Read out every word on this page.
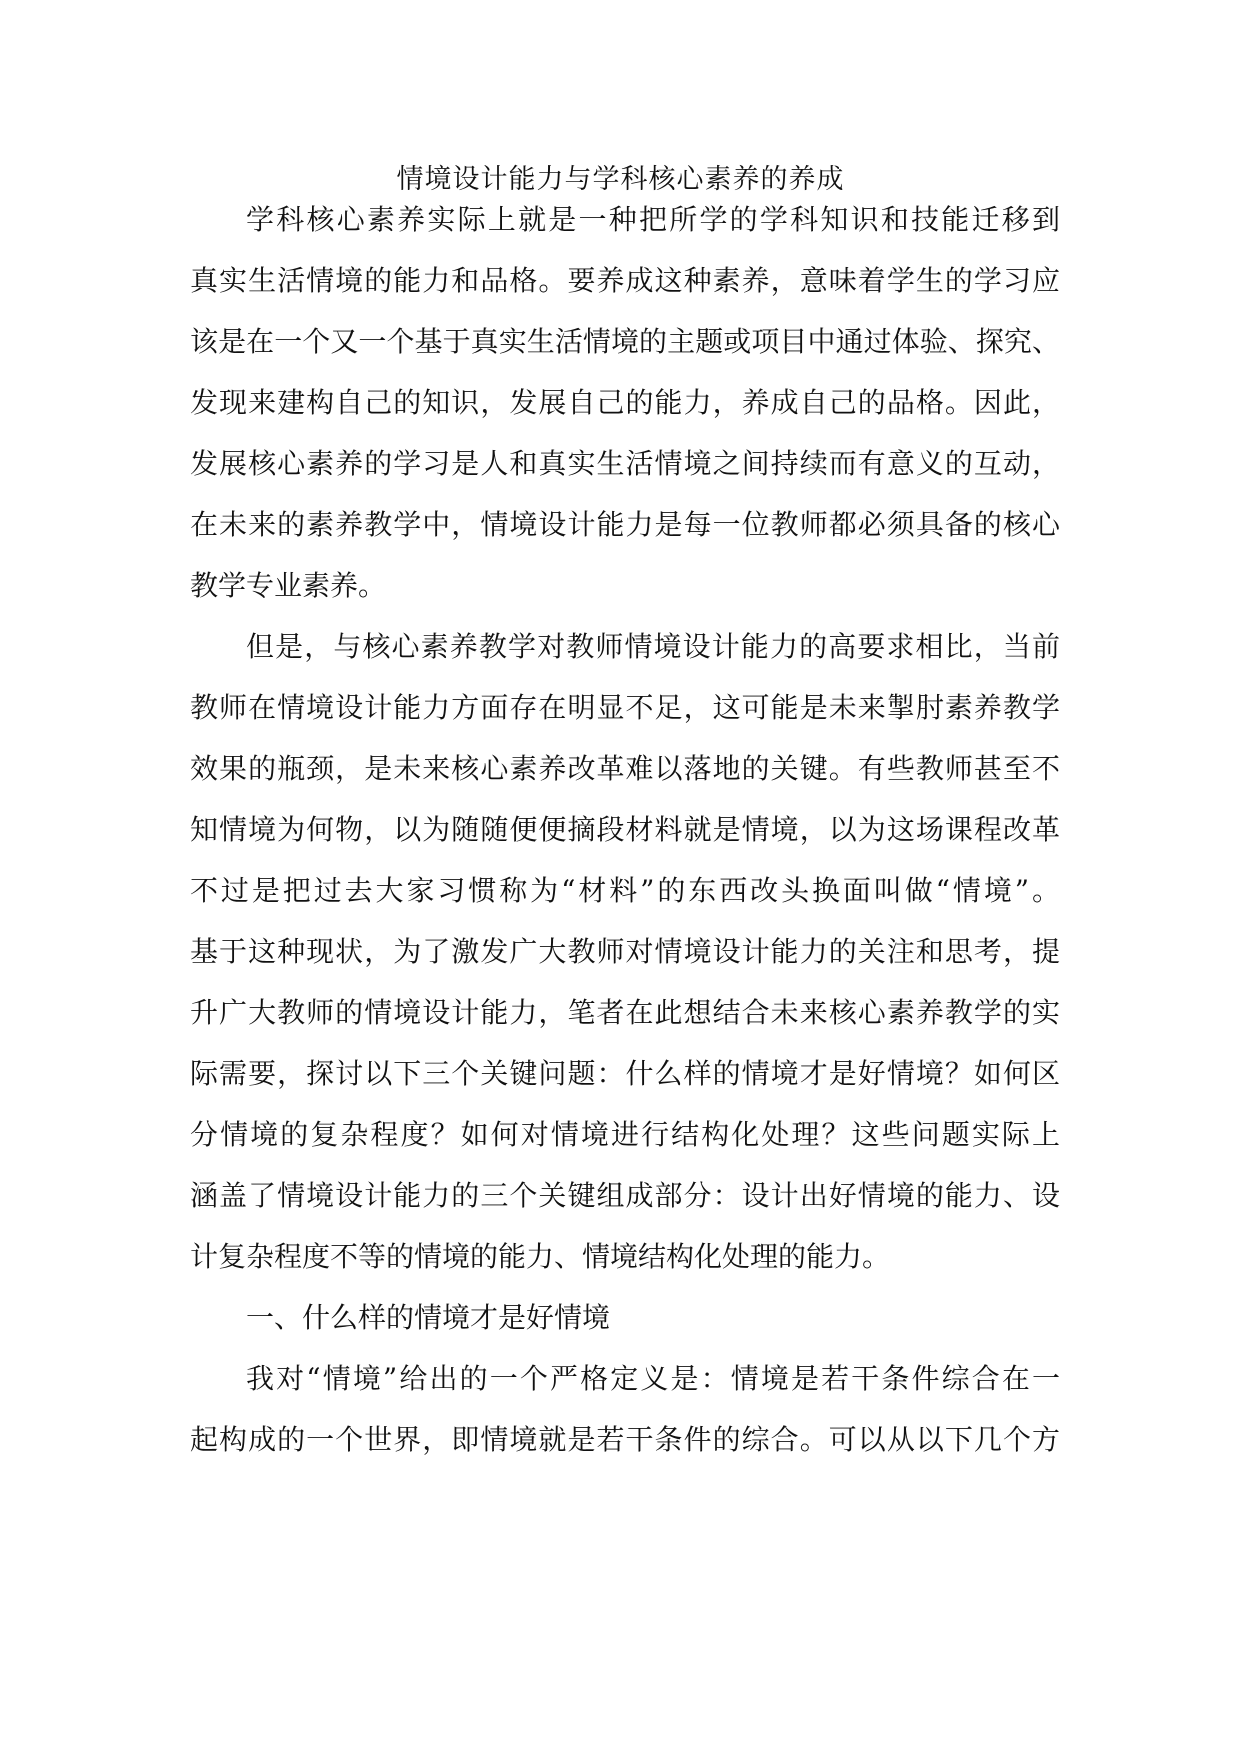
情境设计能力与学科核心素养的养成
学科核心素养实际上就是一种把所学的学科知识和技能迁移到
真实生活情境的能力和品格。要养成这种素养，意味着学生的学习应
该是在一个又一个基于真实生活情境的主题或项目中通过体验、探究、
发现来建构自己的知识，发展自己的能力，养成自己的品格。因此，
发展核心素养的学习是人和真实生活情境之间持续而有意义的互动，
在未来的素养教学中，情境设计能力是每一位教师都必须具备的核心
教学专业素养。
但是，与核心素养教学对教师情境设计能力的高要求相比，当前
教师在情境设计能力方面存在明显不足，这可能是未来掣肘素养教学
效果的瓶颈，是未来核心素养改革难以落地的关键。有些教师甚至不
知情境为何物，以为随随便便摘段材料就是情境，以为这场课程改革
不过是把过去大家习惯称为“材料”的东西改头换面叫做“情境”。
基于这种现状，为了激发广大教师对情境设计能力的关注和思考，提
升广大教师的情境设计能力，笔者在此想结合未来核心素养教学的实
际需要，探讨以下三个关键问题：什么样的情境才是好情境？如何区
分情境的复杂程度？如何对情境进行结构化处理？这些问题实际上
涵盖了情境设计能力的三个关键组成部分：设计出好情境的能力、设
计复杂程度不等的情境的能力、情境结构化处理的能力。
一、什么样的情境才是好情境
我对“情境”给出的一个严格定义是：情境是若干条件综合在一
起构成的一个世界，即情境就是若干条件的综合。可以从以下几个方
